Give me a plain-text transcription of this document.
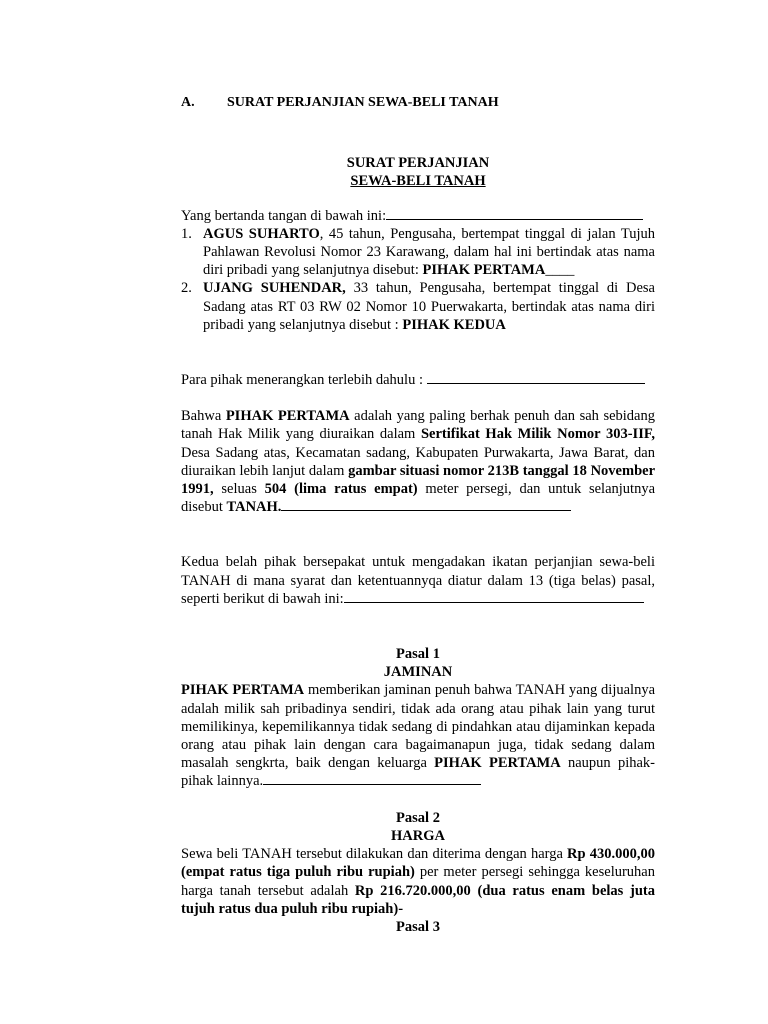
A.	SURAT PERJANJIAN SEWA-BELI TANAH

SURAT PERJANJIAN

SEWA-BELI TANAH

Yang bertanda tangan di bawah ini:

1. AGUS SUHARTO, 45 tahun, Pengusaha, bertempat tinggal di jalan Tujuh Pahlawan Revolusi Nomor 23 Karawang, dalam hal ini bertindak atas nama diri pribadi yang selanjutnya disebut: PIHAK PERTAMA____
2. UJANG SUHENDAR, 33 tahun, Pengusaha, bertempat tinggal di Desa Sadang atas RT 03 RW 02 Nomor 10 Puerwakarta, bertindak atas nama diri pribadi yang selanjutnya disebut : PIHAK KEDUA

Para pihak menerangkan terlebih dahulu :

Bahwa PIHAK PERTAMA adalah yang paling berhak penuh dan sah sebidang tanah Hak Milik yang diuraikan dalam Sertifikat Hak Milik Nomor 303-IIF, Desa Sadang atas, Kecamatan sadang, Kabupaten Purwakarta, Jawa Barat, dan diuraikan lebih lanjut dalam gambar situasi nomor 213B tanggal 18 November 1991, seluas 504 (lima ratus empat) meter persegi, dan untuk selanjutnya disebut TANAH.

Kedua belah pihak bersepakat untuk mengadakan ikatan perjanjian sewa-beli TANAH di mana syarat dan ketentuannyqa diatur dalam 13 (tiga belas) pasal, seperti berikut di bawah ini:

Pasal 1

JAMINAN

PIHAK PERTAMA memberikan jaminan penuh bahwa TANAH yang dijualnya adalah milik sah pribadinya sendiri, tidak ada orang atau pihak lain yang turut memilikinya, kepemilikannya tidak sedang di pindahkan atau dijaminkan kepada orang atau pihak lain dengan cara bagaimanapun juga, tidak sedang dalam masalah sengkrta, baik dengan keluarga PIHAK PERTAMA naupun pihak-pihak lainnya.

Pasal 2

HARGA

Sewa beli TANAH tersebut dilakukan dan diterima dengan harga Rp 430.000,00 (empat ratus tiga puluh ribu rupiah) per meter persegi sehingga keseluruhan harga tanah tersebut adalah Rp 216.720.000,00 (dua ratus enam belas juta tujuh ratus dua puluh ribu rupiah)-

Pasal 3
